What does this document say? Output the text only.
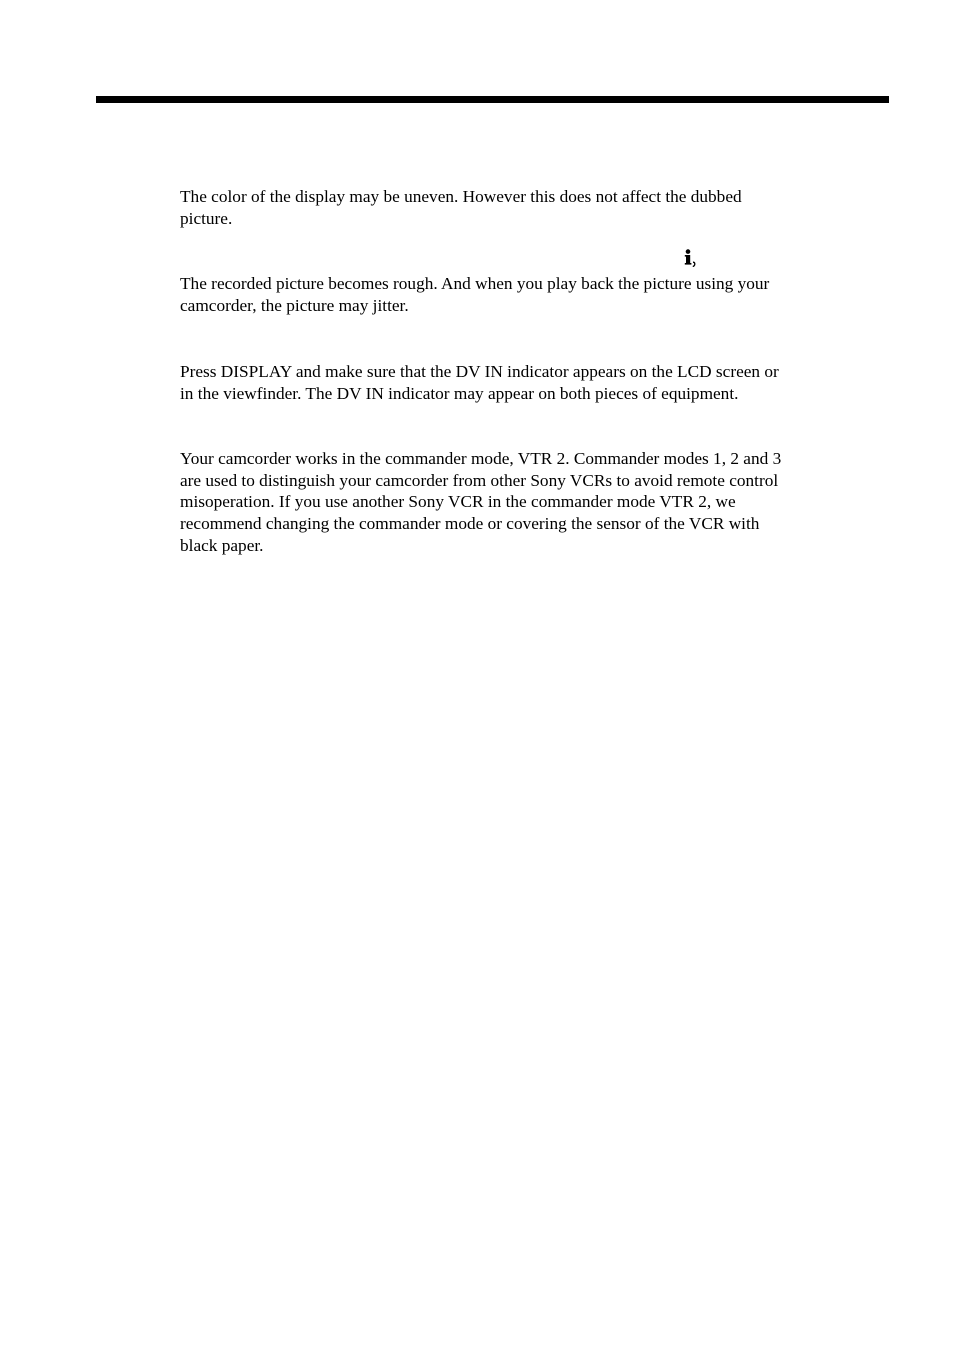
The color of the display may be uneven. However this does not affect the dubbed
picture.

The recorded picture becomes rough. And when you play back the picture using your
camcorder, the picture may jitter.

Press DISPLAY and make sure that the DV IN indicator appears on the LCD screen or
in the viewfinder. The DV IN indicator may appear on both pieces of equipment.

Your camcorder works in the commander mode, VTR 2. Commander modes 1, 2 and 3
are used to distinguish your camcorder from other Sony VCRs to avoid remote control
misoperation. If you use another Sony VCR in the commander mode VTR 2, we
recommend changing the commander mode or covering the sensor of the VCR with
black paper.
